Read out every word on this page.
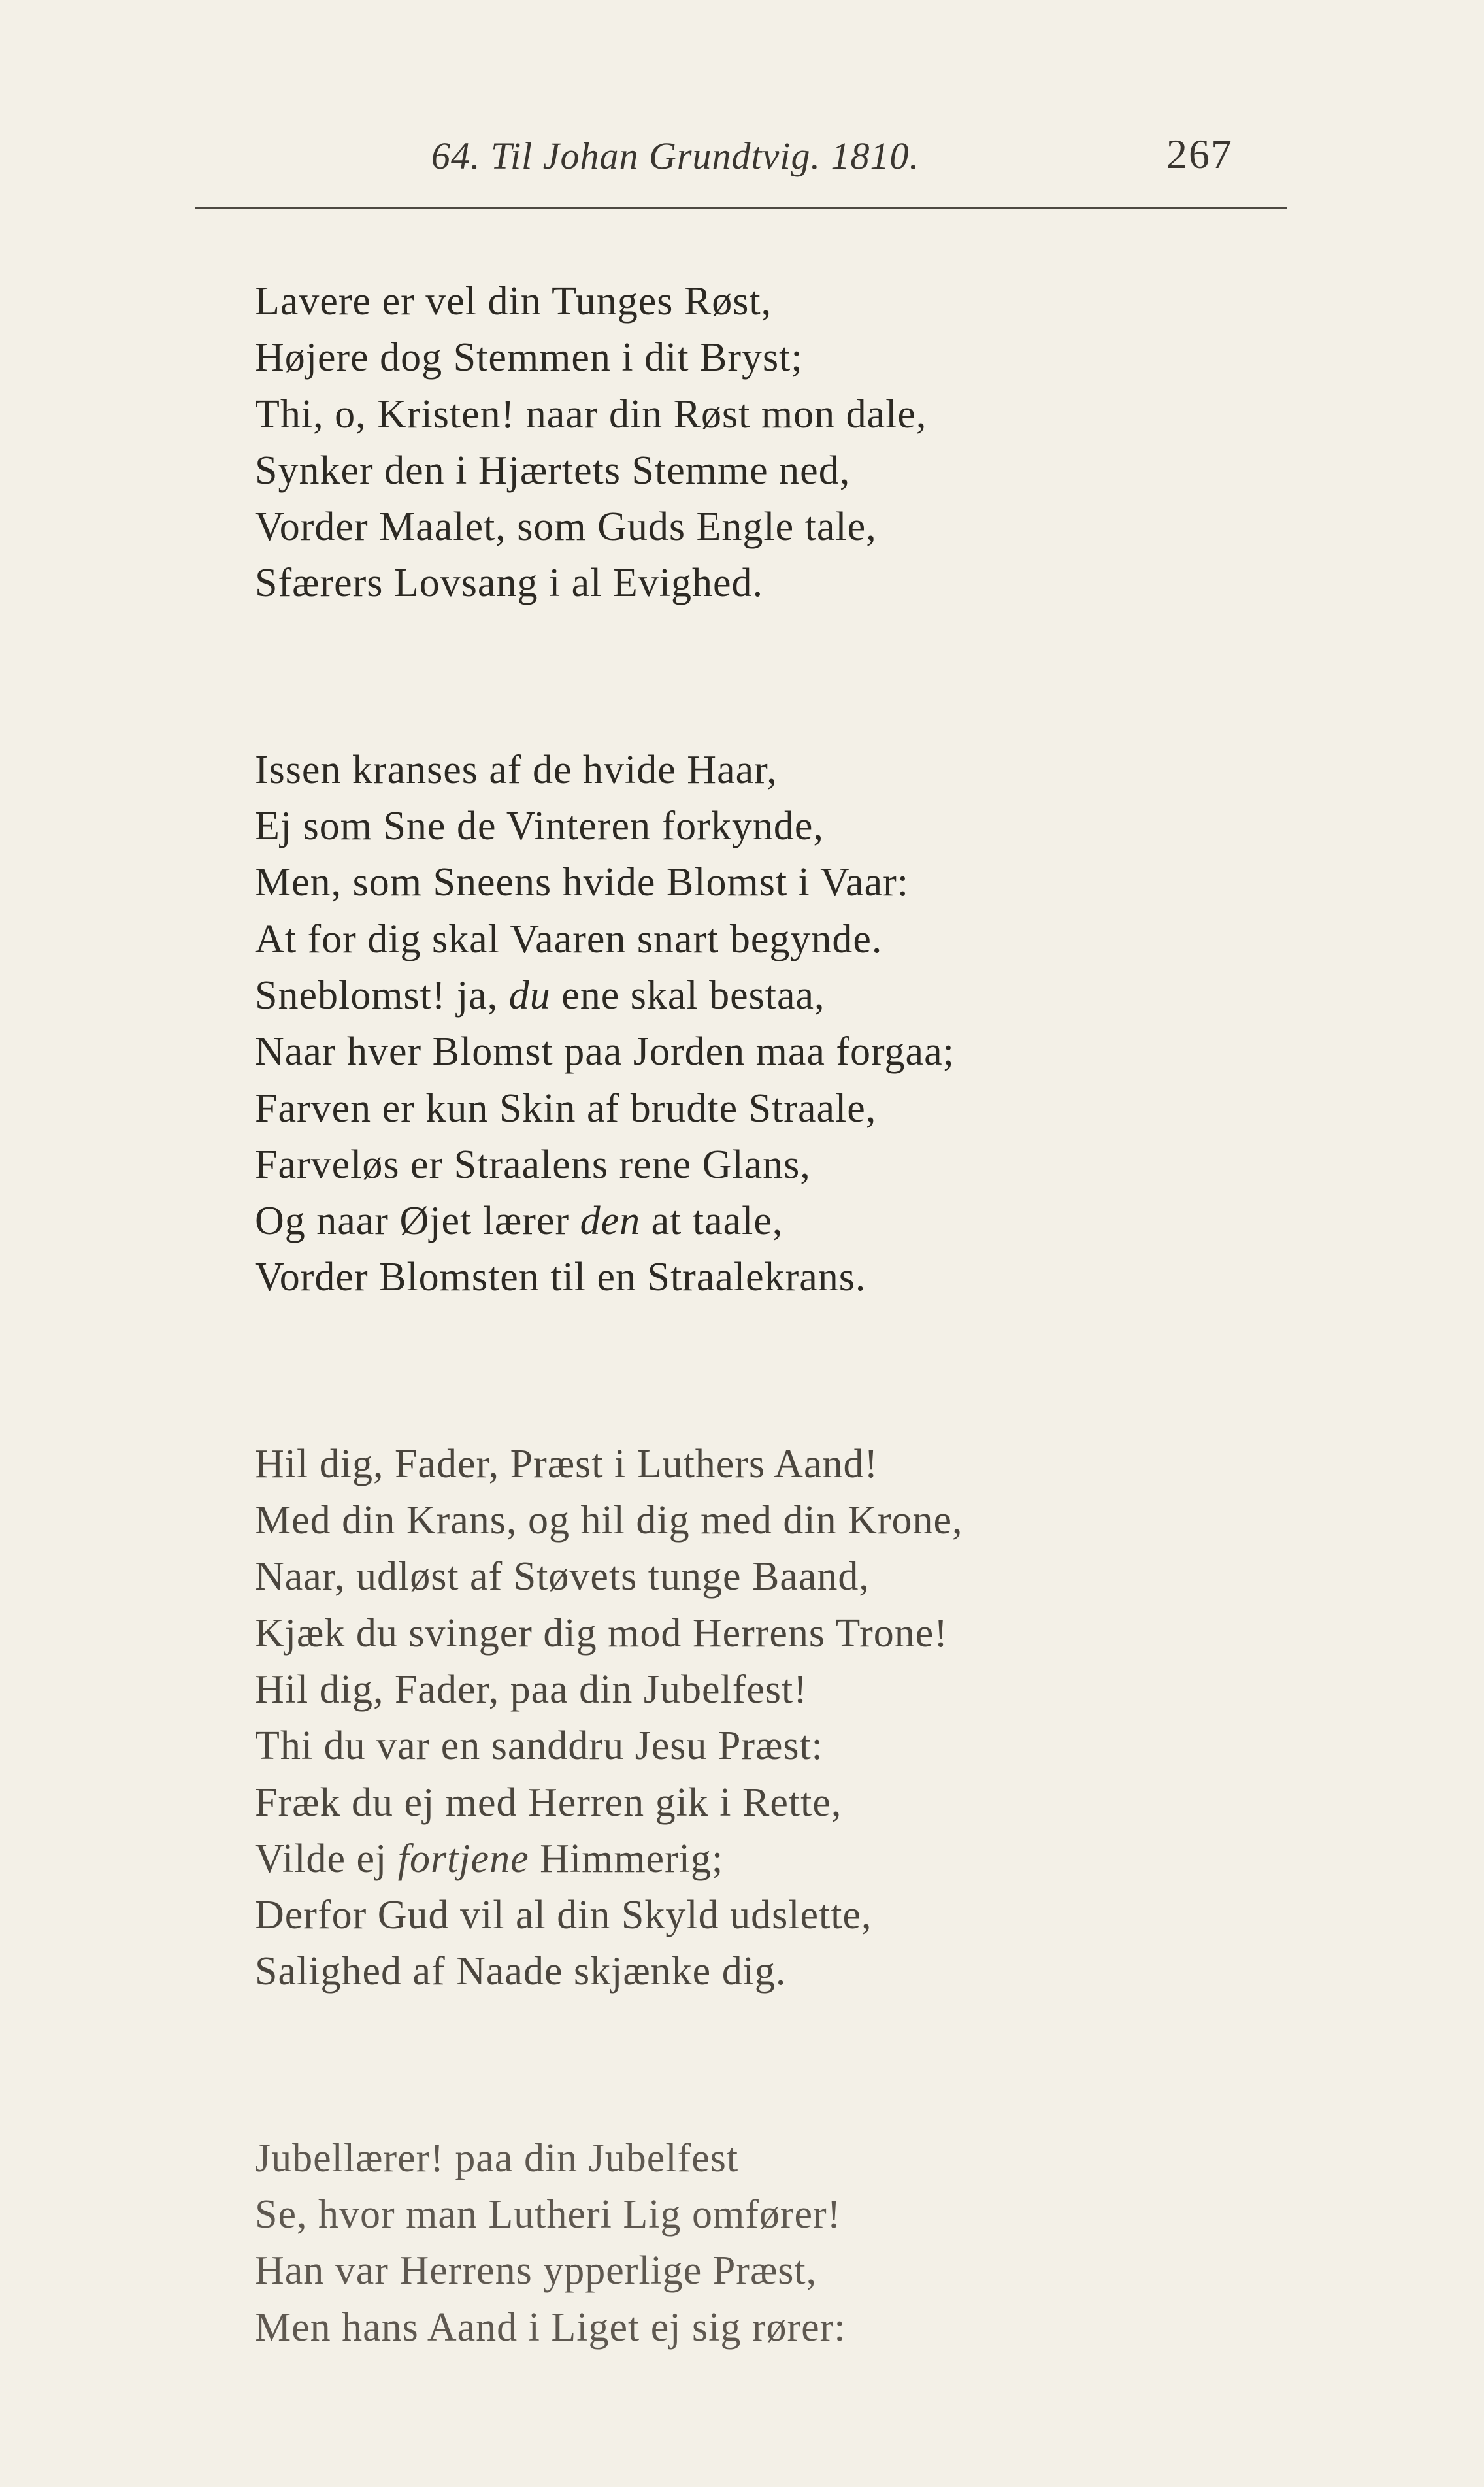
64. Til Johan Grundtvig. 1810.	267
Lavere er vel din Tunges Røst,
Højere dog Stemmen i dit Bryst;
Thi, o, Kristen! naar din Røst mon dale,
Synker den i Hjærtets Stemme ned,
Vorder Maalet, som Guds Engle tale,
Sfærers Lovsang i al Evighed.
Issen kranses af de hvide Haar,
Ej som Sne de Vinteren forkynde,
Men, som Sneens hvide Blomst i Vaar:
At for dig skal Vaaren snart begynde.
Sneblomst! ja, du ene skal bestaa,
Naar hver Blomst paa Jorden maa forgaa;
Farven er kun Skin af brudte Straale,
Farveløs er Straalens rene Glans,
Og naar Øjet lærer den at taale,
Vorder Blomsten til en Straalekrans.
Hil dig, Fader, Præst i Luthers Aand!
Med din Krans, og hil dig med din Krone,
Naar, udløst af Støvets tunge Baand,
Kjæk du svinger dig mod Herrens Trone!
Hil dig, Fader, paa din Jubelfest!
Thi du var en sanddru Jesu Præst:
Fræk du ej med Herren gik i Rette,
Vilde ej fortjene Himmerig;
Derfor Gud vil al din Skyld udslette,
Salighed af Naade skjænke dig.
Jubellærer! paa din Jubelfest
Se, hvor man Lutheri Lig omfører!
Han var Herrens ypperlige Præst,
Men hans Aand i Liget ej sig rører:
